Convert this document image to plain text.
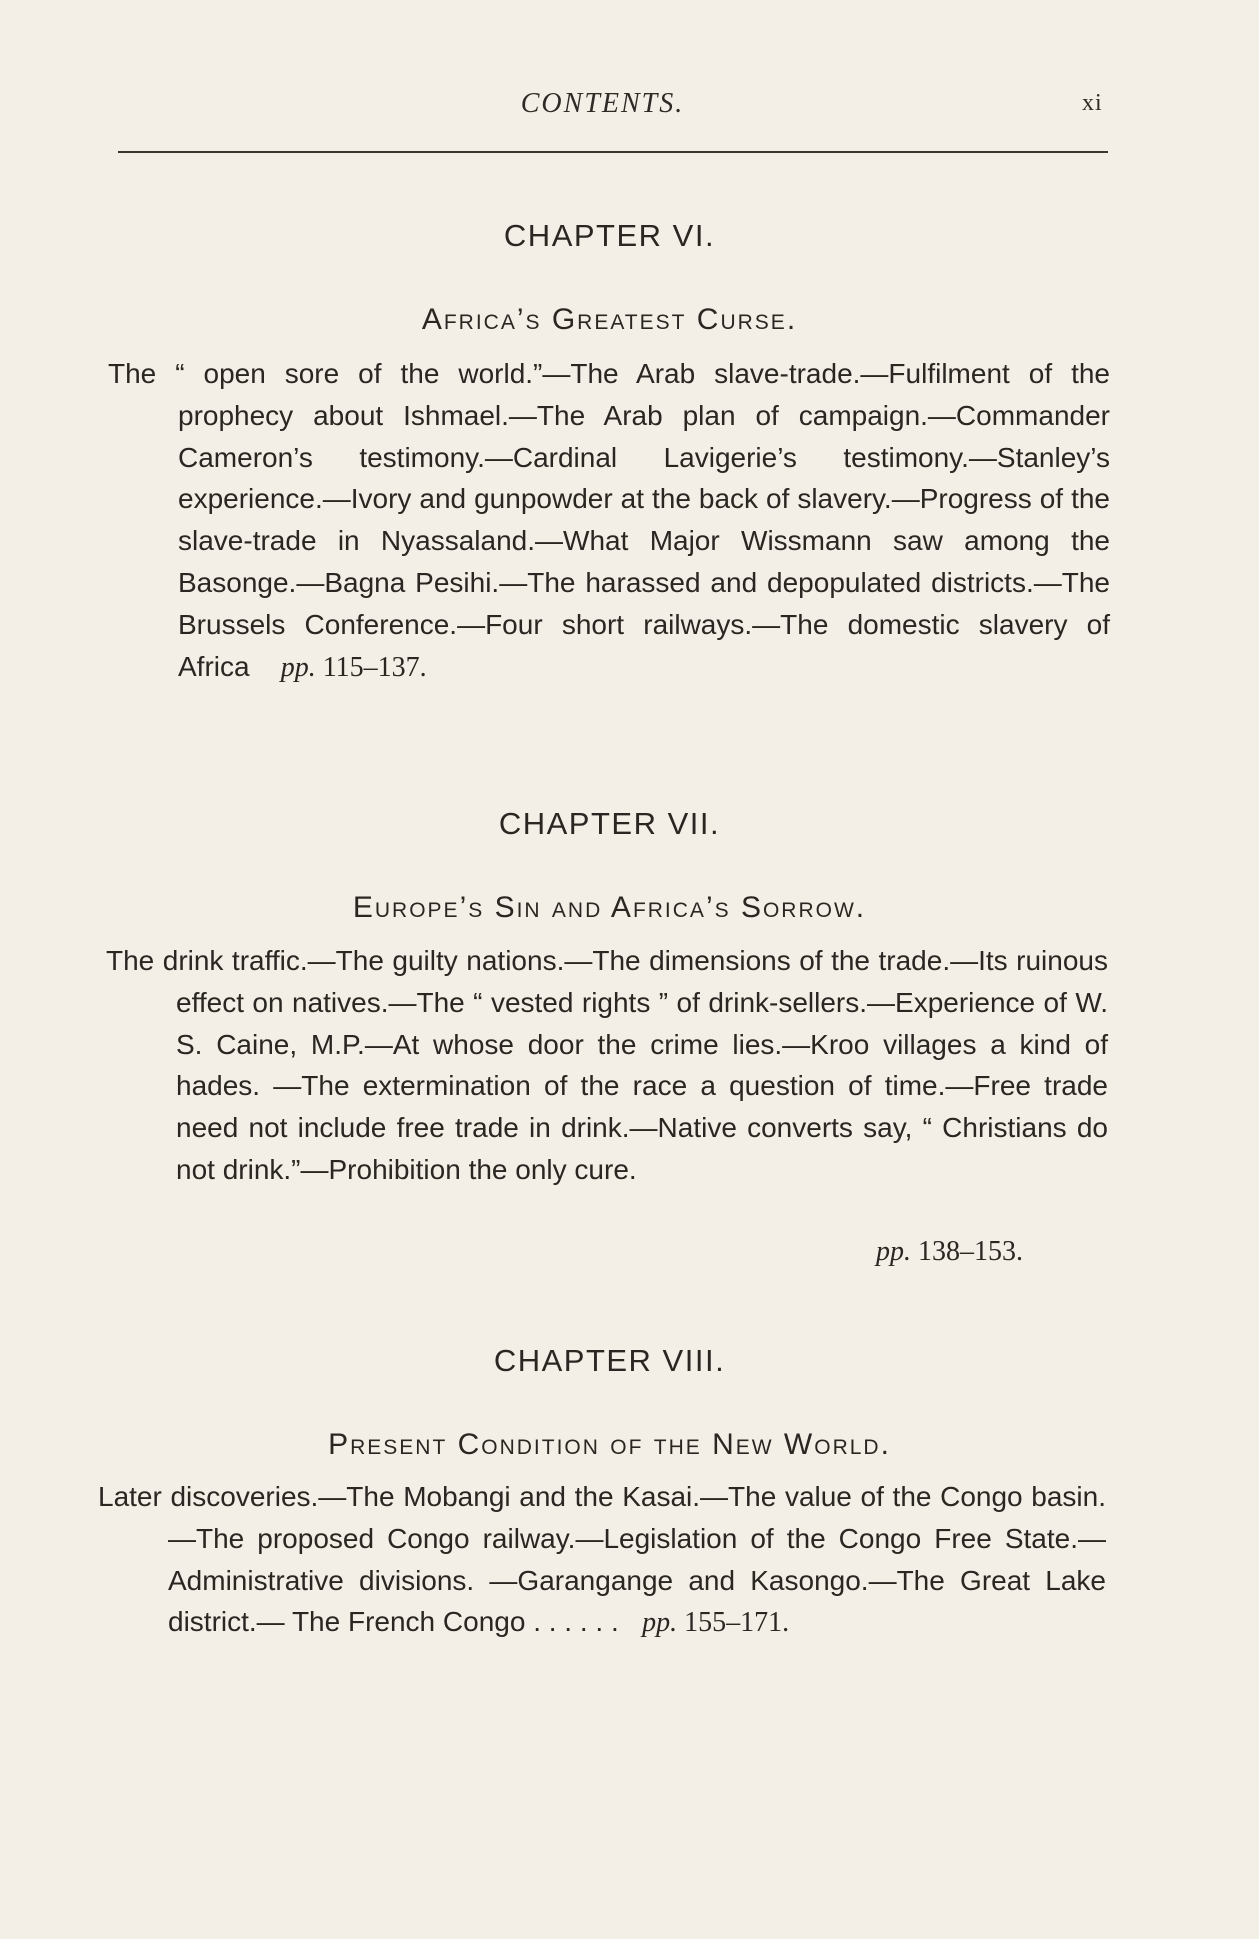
CONTENTS.	xi
CHAPTER VI.
Africa’s Greatest Curse.
The “ open sore of the world.”—The Arab slave-trade.—Fulfilment of the prophecy about Ishmael.—The Arab plan of campaign.—Commander Cameron’s testimony.—Cardinal Lavigerie’s testimony.—Stanley’s experience.—Ivory and gunpowder at the back of slavery.—Progress of the slave-trade in Nyassaland.—What Major Wissmann saw among the Basonge.—Bagna Pesihi.—The harassed and depopulated districts.—The Brussels Conference.—Four short railways.—The domestic slavery of Africa pp. 115–137.
CHAPTER VII.
Europe’s Sin and Africa’s Sorrow.
The drink traffic.—The guilty nations.—The dimensions of the trade.—Its ruinous effect on natives.—The “ vested rights ” of drink-sellers.—Experience of W. S. Caine, M.P.—At whose door the crime lies.—Kroo villages a kind of hades. —The extermination of the race a question of time.—Free trade need not include free trade in drink.—Native converts say, “ Christians do not drink.”—Prohibition the only cure.
pp. 138–153.
CHAPTER VIII.
Present Condition of the New World.
Later discoveries.—The Mobangi and the Kasai.—The value of the Congo basin.—The proposed Congo railway.—Legislation of the Congo Free State.—Administrative divisions. —Garangange and Kasongo.—The Great Lake district.— The French Congo . . . . . . pp. 155–171.
